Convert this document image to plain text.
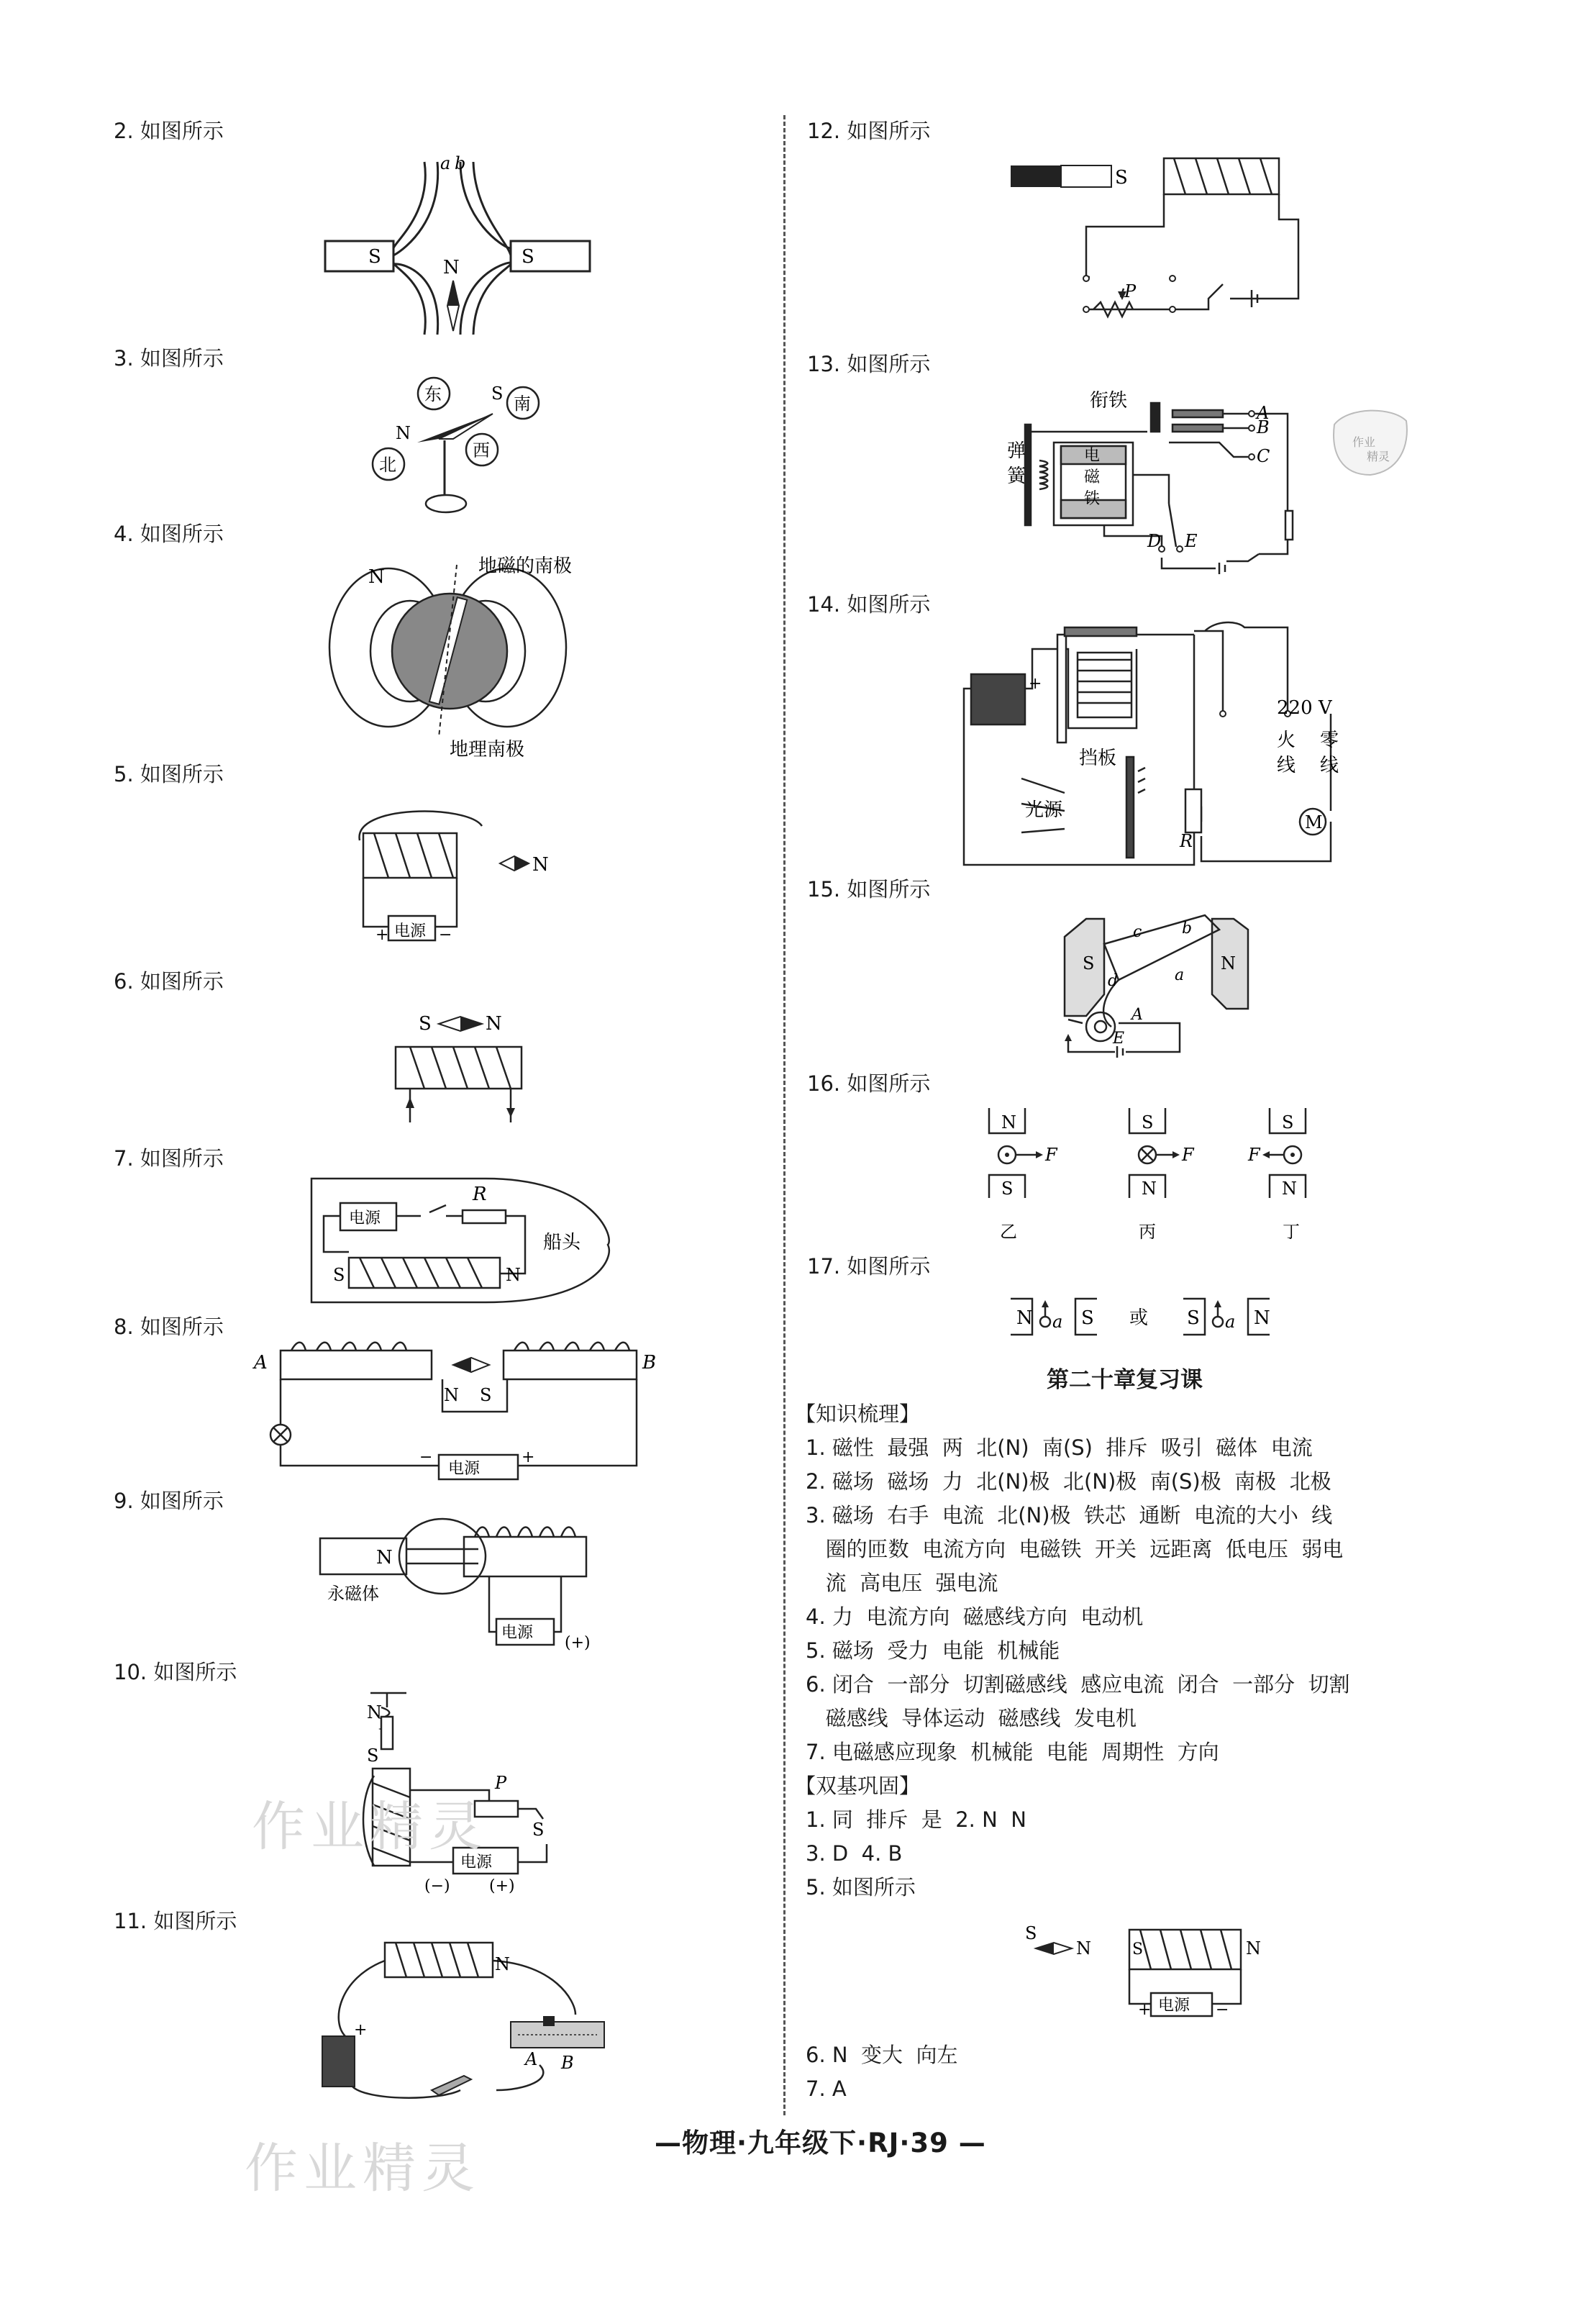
2. 如图所示
3. 如图所示
4. 如图所示
5. 如图所示
6. 如图所示
7. 如图所示
8. 如图所示
9. 如图所示
10. 如图所示
11. 如图所示
12. 如图所示
13. 如图所示
14. 如图所示
15. 如图所示
16. 如图所示
17. 如图所示
N
S	S
a b
东	南
西
北
N
S
N	地磁的南极
地理南极
N
电源
+	−
S	N
电源
R
S	N
船头
A	B
N S
电源
−	+
N
永磁体
电源
(+)
N
S
P
S
电源
(−) (+)
N
+
A B
S
P
衔铁
弹
簧
电
磁
铁
A
B
C
D E
作业
精灵
M
+
220 V
火
线
零
线
挡板
光源
R
S	N
c	b
d	a
A
E
N
S
S
N
S
N
F	F	F
乙	丙	丁
N a S 或 S a N
第二十章复习课
【知识梳理】
1. 磁性  最强  两  北(N)  南(S)  排斥  吸引  磁体  电流
2. 磁场  磁场  力  北(N)极  北(N)极  南(S)极  南极  北极
3. 磁场  右手  电流  北(N)极  铁芯  通断  电流的大小  线
圈的匝数  电流方向  电磁铁  开关  远距离  低电压  弱电
流  高电压  强电流
4. 力  电流方向  磁感线方向  电动机
5. 磁场  受力  电能  机械能
6. 闭合  一部分  切割磁感线  感应电流  闭合  一部分  切割
磁感线  导体运动  磁感线  发电机
7. 电磁感应现象  机械能  电能  周期性  方向
【双基巩固】
1. 同  排斥  是  2. N  N
3. D  4. B
5. 如图所示
S
N	S	N
电源
+	−
6. N  变大  向左
7. A
—物理·九年级下·RJ·39 —
作业精灵
作业精灵
